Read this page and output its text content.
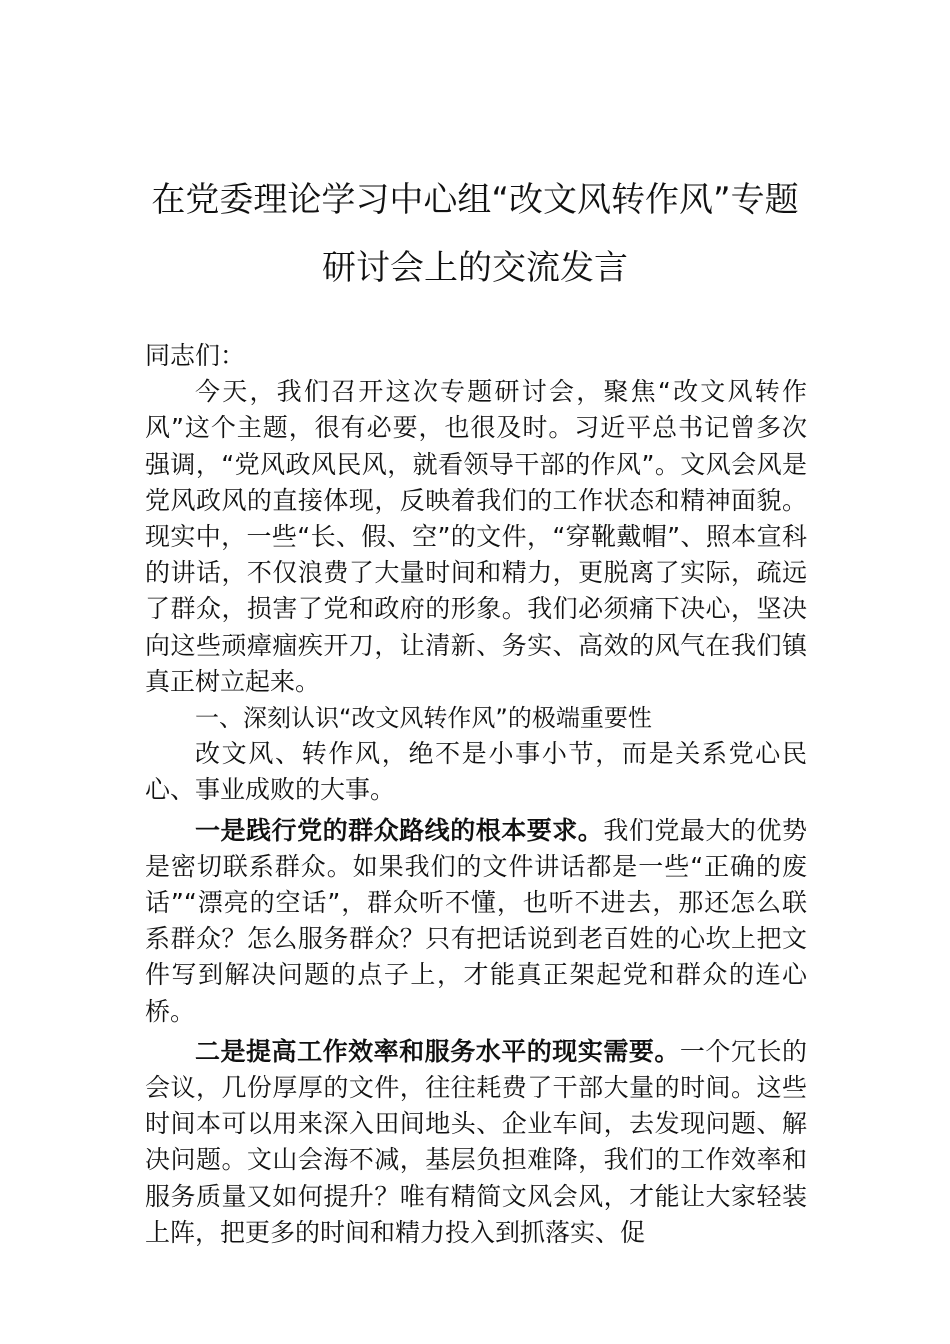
在党委理论学习中心组“改文风转作风”专题
研讨会上的交流发言

同志们：

今天，我们召开这次专题研讨会，聚焦“改文风转作风”这个主题，很有必要，也很及时。习近平总书记曾多次强调，“党风政风民风，就看领导干部的作风”。文风会风是党风政风的直接体现，反映着我们的工作状态和精神面貌。现实中，一些“长、假、空”的文件，“穿靴戴帽”、照本宣科的讲话，不仅浪费了大量时间和精力，更脱离了实际，疏远了群众，损害了党和政府的形象。我们必须痛下决心，坚决向这些顽瘴痼疾开刀，让清新、务实、高效的风气在我们镇真正树立起来。

一、深刻认识“改文风转作风”的极端重要性

改文风、转作风，绝不是小事小节，而是关系党心民心、事业成败的大事。

一是践行党的群众路线的根本要求。我们党最大的优势是密切联系群众。如果我们的文件讲话都是一些“正确的废话”“漂亮的空话”，群众听不懂，也听不进去，那还怎么联系群众？怎么服务群众？只有把话说到老百姓的心坎上把文件写到解决问题的点子上，才能真正架起党和群众的连心桥。

二是提高工作效率和服务水平的现实需要。一个冗长的会议，几份厚厚的文件，往往耗费了干部大量的时间。这些时间本可以用来深入田间地头、企业车间，去发现问题、解决问题。文山会海不减，基层负担难降，我们的工作效率和服务质量又如何提升？唯有精简文风会风，才能让大家轻装上阵，把更多的时间和精力投入到抓落实、促
